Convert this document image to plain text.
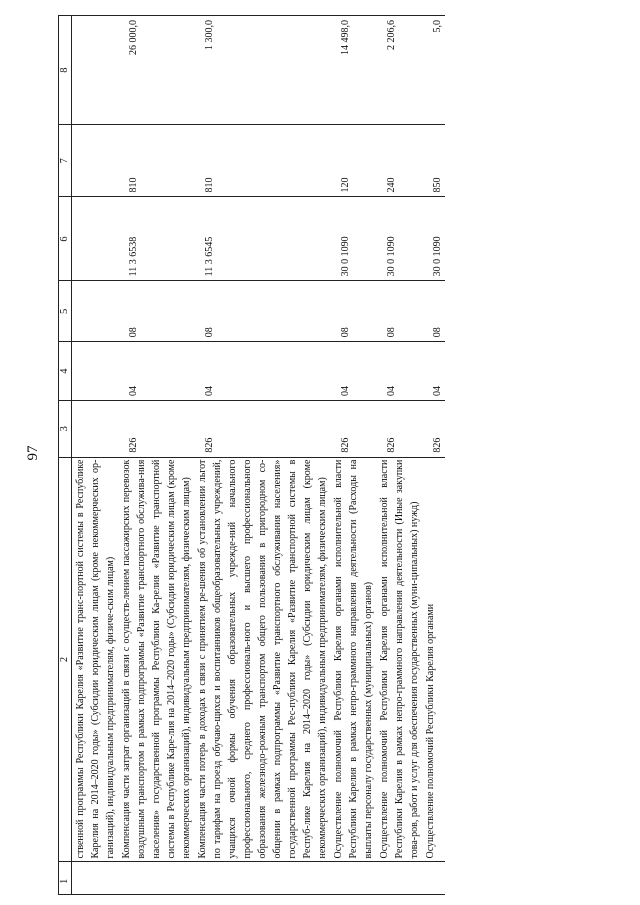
97
1	2	3	4	5	6	7	8
	ственной программы Республики Карелия «Развитие транс-портной системы в Республике Карелия на 2014–2020 годы» (Субсидии юридическим лицам (кроме некоммерческих ор-ганизаций), индивидуальным предпринимателям, физиче-ским лицам)						
	Компенсация части затрат организаций в связи с осуществ-лением пассажирских перевозок воздушным транспортом в рамках подпрограммы «Развитие транспортного обслужива-ния населения» государственной программы Республики Ка-релия «Развитие транспортной системы в Республике Каре-лия на 2014–2020 годы» (Субсидии юридическим лицам (кроме некоммерческих организаций), индивидуальным предпринимателям, физическим лицам)	826	04	08	11 3 6538	810	26 000,0
	Компенсация части потерь в доходах в связи с принятием ре-шения об установлении льгот по тарифам на проезд обучаю-щихся и воспитанников общеобразовательных учреждений, учащихся очной формы обучения образовательных учрежде-ний начального профессионального, среднего профессиональ-ного и высшего профессионального образования железнодо-рожным транспортом общего пользования в пригородном со-общении в рамках подпрограммы «Развитие транспортного обслуживания населения» государственной программы Рес-публики Карелия «Развитие транспортной системы в Респуб-лике Карелия на 2014–2020 годы» (Субсидии юридическим лицам (кроме некоммерческих организаций), индивидуальным предпринимателям, физическим лицам)	826	04	08	11 3 6545	810	1 300,0
	Осуществление полномочий Республики Карелия органами исполнительной власти Республики Карелия в рамках непро-граммного направления деятельности (Расходы на выплаты персоналу государственных (муниципальных) органов)	826	04	08	30 0 1090	120	14 498,0
	Осуществление полномочий Республики Карелия органами исполнительной власти Республики Карелия в рамках непро-граммного направления деятельности (Иные закупки това-ров, работ и услуг для обеспечения государственных (муни-ципальных) нужд)	826	04	08	30 0 1090	240	2 206,6
	Осуществление полномочий Республики Карелия органами	826	04	08	30 0 1090	850	5,0
